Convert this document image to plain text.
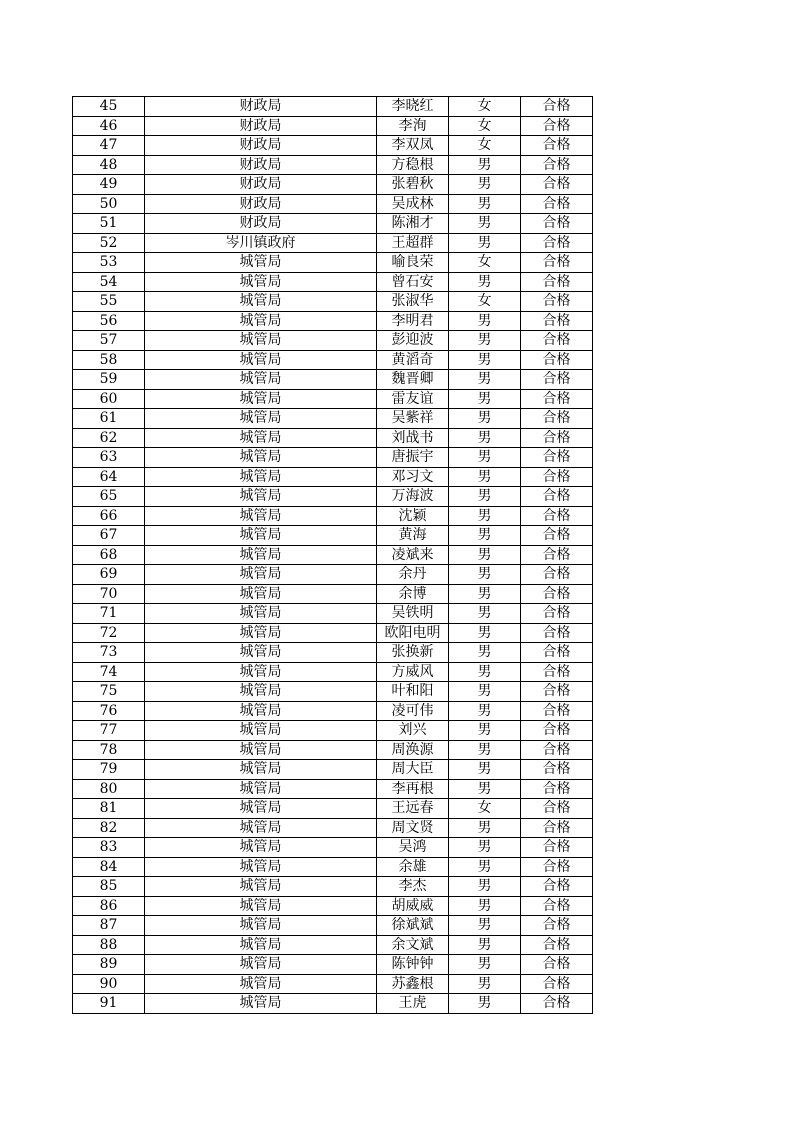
45	财政局	李晓红	女	合格
46	财政局	李洵	女	合格
47	财政局	李双凤	女	合格
48	财政局	方稳根	男	合格
49	财政局	张碧秋	男	合格
50	财政局	吴成林	男	合格
51	财政局	陈湘才	男	合格
52	岑川镇政府	王超群	男	合格
53	城管局	喻良荣	女	合格
54	城管局	曾石安	男	合格
55	城管局	张淑华	女	合格
56	城管局	李明君	男	合格
57	城管局	彭迎波	男	合格
58	城管局	黄滔奇	男	合格
59	城管局	魏晋卿	男	合格
60	城管局	雷友谊	男	合格
61	城管局	吴紫祥	男	合格
62	城管局	刘战书	男	合格
63	城管局	唐振宇	男	合格
64	城管局	邓习文	男	合格
65	城管局	万海波	男	合格
66	城管局	沈颖	男	合格
67	城管局	黄海	男	合格
68	城管局	凌斌来	男	合格
69	城管局	余丹	男	合格
70	城管局	余博	男	合格
71	城管局	吴铁明	男	合格
72	城管局	欧阳电明	男	合格
73	城管局	张换新	男	合格
74	城管局	方威风	男	合格
75	城管局	叶和阳	男	合格
76	城管局	凌可伟	男	合格
77	城管局	刘兴	男	合格
78	城管局	周涣源	男	合格
79	城管局	周大臣	男	合格
80	城管局	李再根	男	合格
81	城管局	王远春	女	合格
82	城管局	周文贤	男	合格
83	城管局	吴鸿	男	合格
84	城管局	余雄	男	合格
85	城管局	李杰	男	合格
86	城管局	胡威威	男	合格
87	城管局	徐斌斌	男	合格
88	城管局	余文斌	男	合格
89	城管局	陈钟钟	男	合格
90	城管局	苏鑫根	男	合格
91	城管局	王虎	男	合格
